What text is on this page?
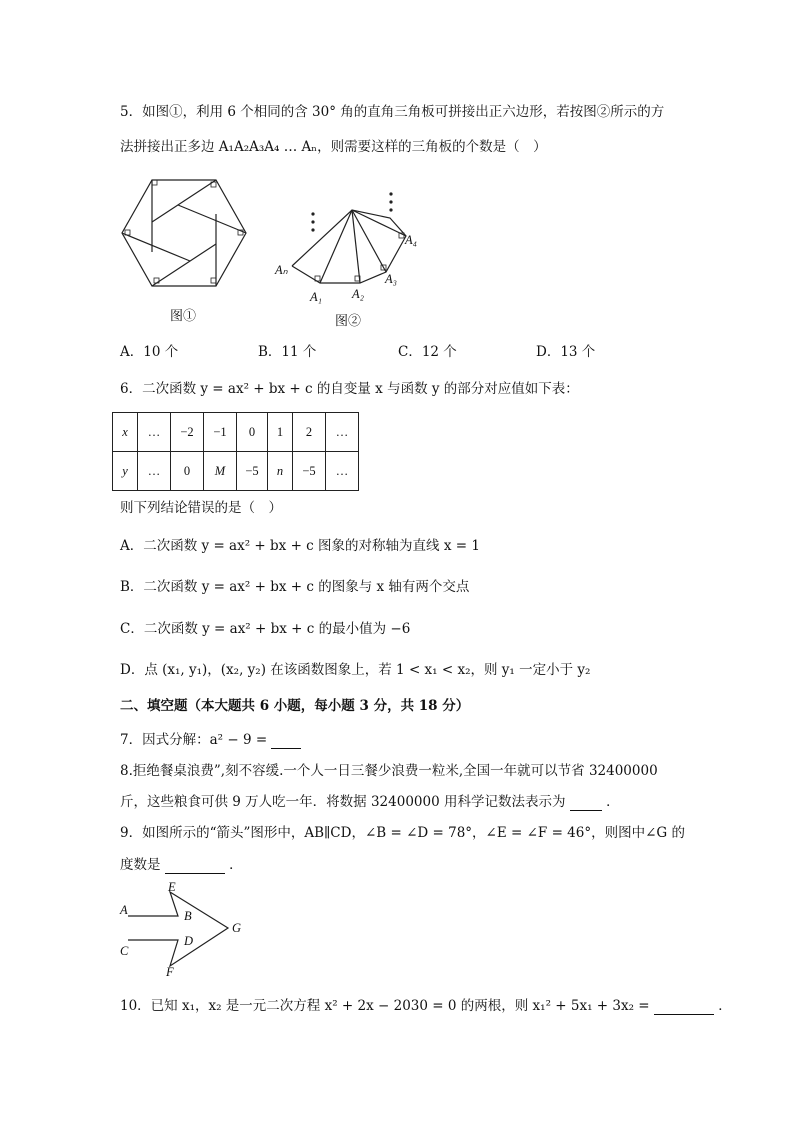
5．如图①，利用 6 个相同的含 30° 角的直角三角板可拼接出正六边形，若按图②所示的方
法拼接出正多边 A₁A₂A₃A₄ … Aₙ，则需要这样的三角板的个数是（　）
图①
Aₙ
A₁ A₂
A₃
A₄
图②
A．10 个	B．11 个	C．12 个	D．13 个
6．二次函数 y = ax² + bx + c 的自变量 x 与函数 y 的部分对应值如下表：
x	…	−2	−1	0	1	2	…
y	…	0	M	−5	n	−5	…
则下列结论错误的是（　）
A．二次函数 y = ax² + bx + c 图象的对称轴为直线 x = 1
B．二次函数 y = ax² + bx + c 的图象与 x 轴有两个交点
C．二次函数 y = ax² + bx + c 的最小值为 −6
D．点 (x₁, y₁)，(x₂, y₂) 在该函数图象上，若 1 < x₁ < x₂，则 y₁ 一定小于 y₂
二、填空题（本大题共 6 小题，每小题 3 分，共 18 分）
7．因式分解：a² − 9 =
8.拒绝餐桌浪费”,刻不容缓.一个人一日三餐少浪费一粒米,全国一年就可以节省 32400000
斤，这些粮食可供 9 万人吃一年．将数据 32400000 用科学记数法表示为	．
9．如图所示的“箭头”图形中，AB∥CD，∠B = ∠D = 78°，∠E = ∠F = 46°，则图中∠G 的
度数是	．
A	B
C
D
E
F
G
10．已知 x₁，x₂ 是一元二次方程 x² + 2x − 2030 = 0 的两根，则 x₁² + 5x₁ + 3x₂ =	．
